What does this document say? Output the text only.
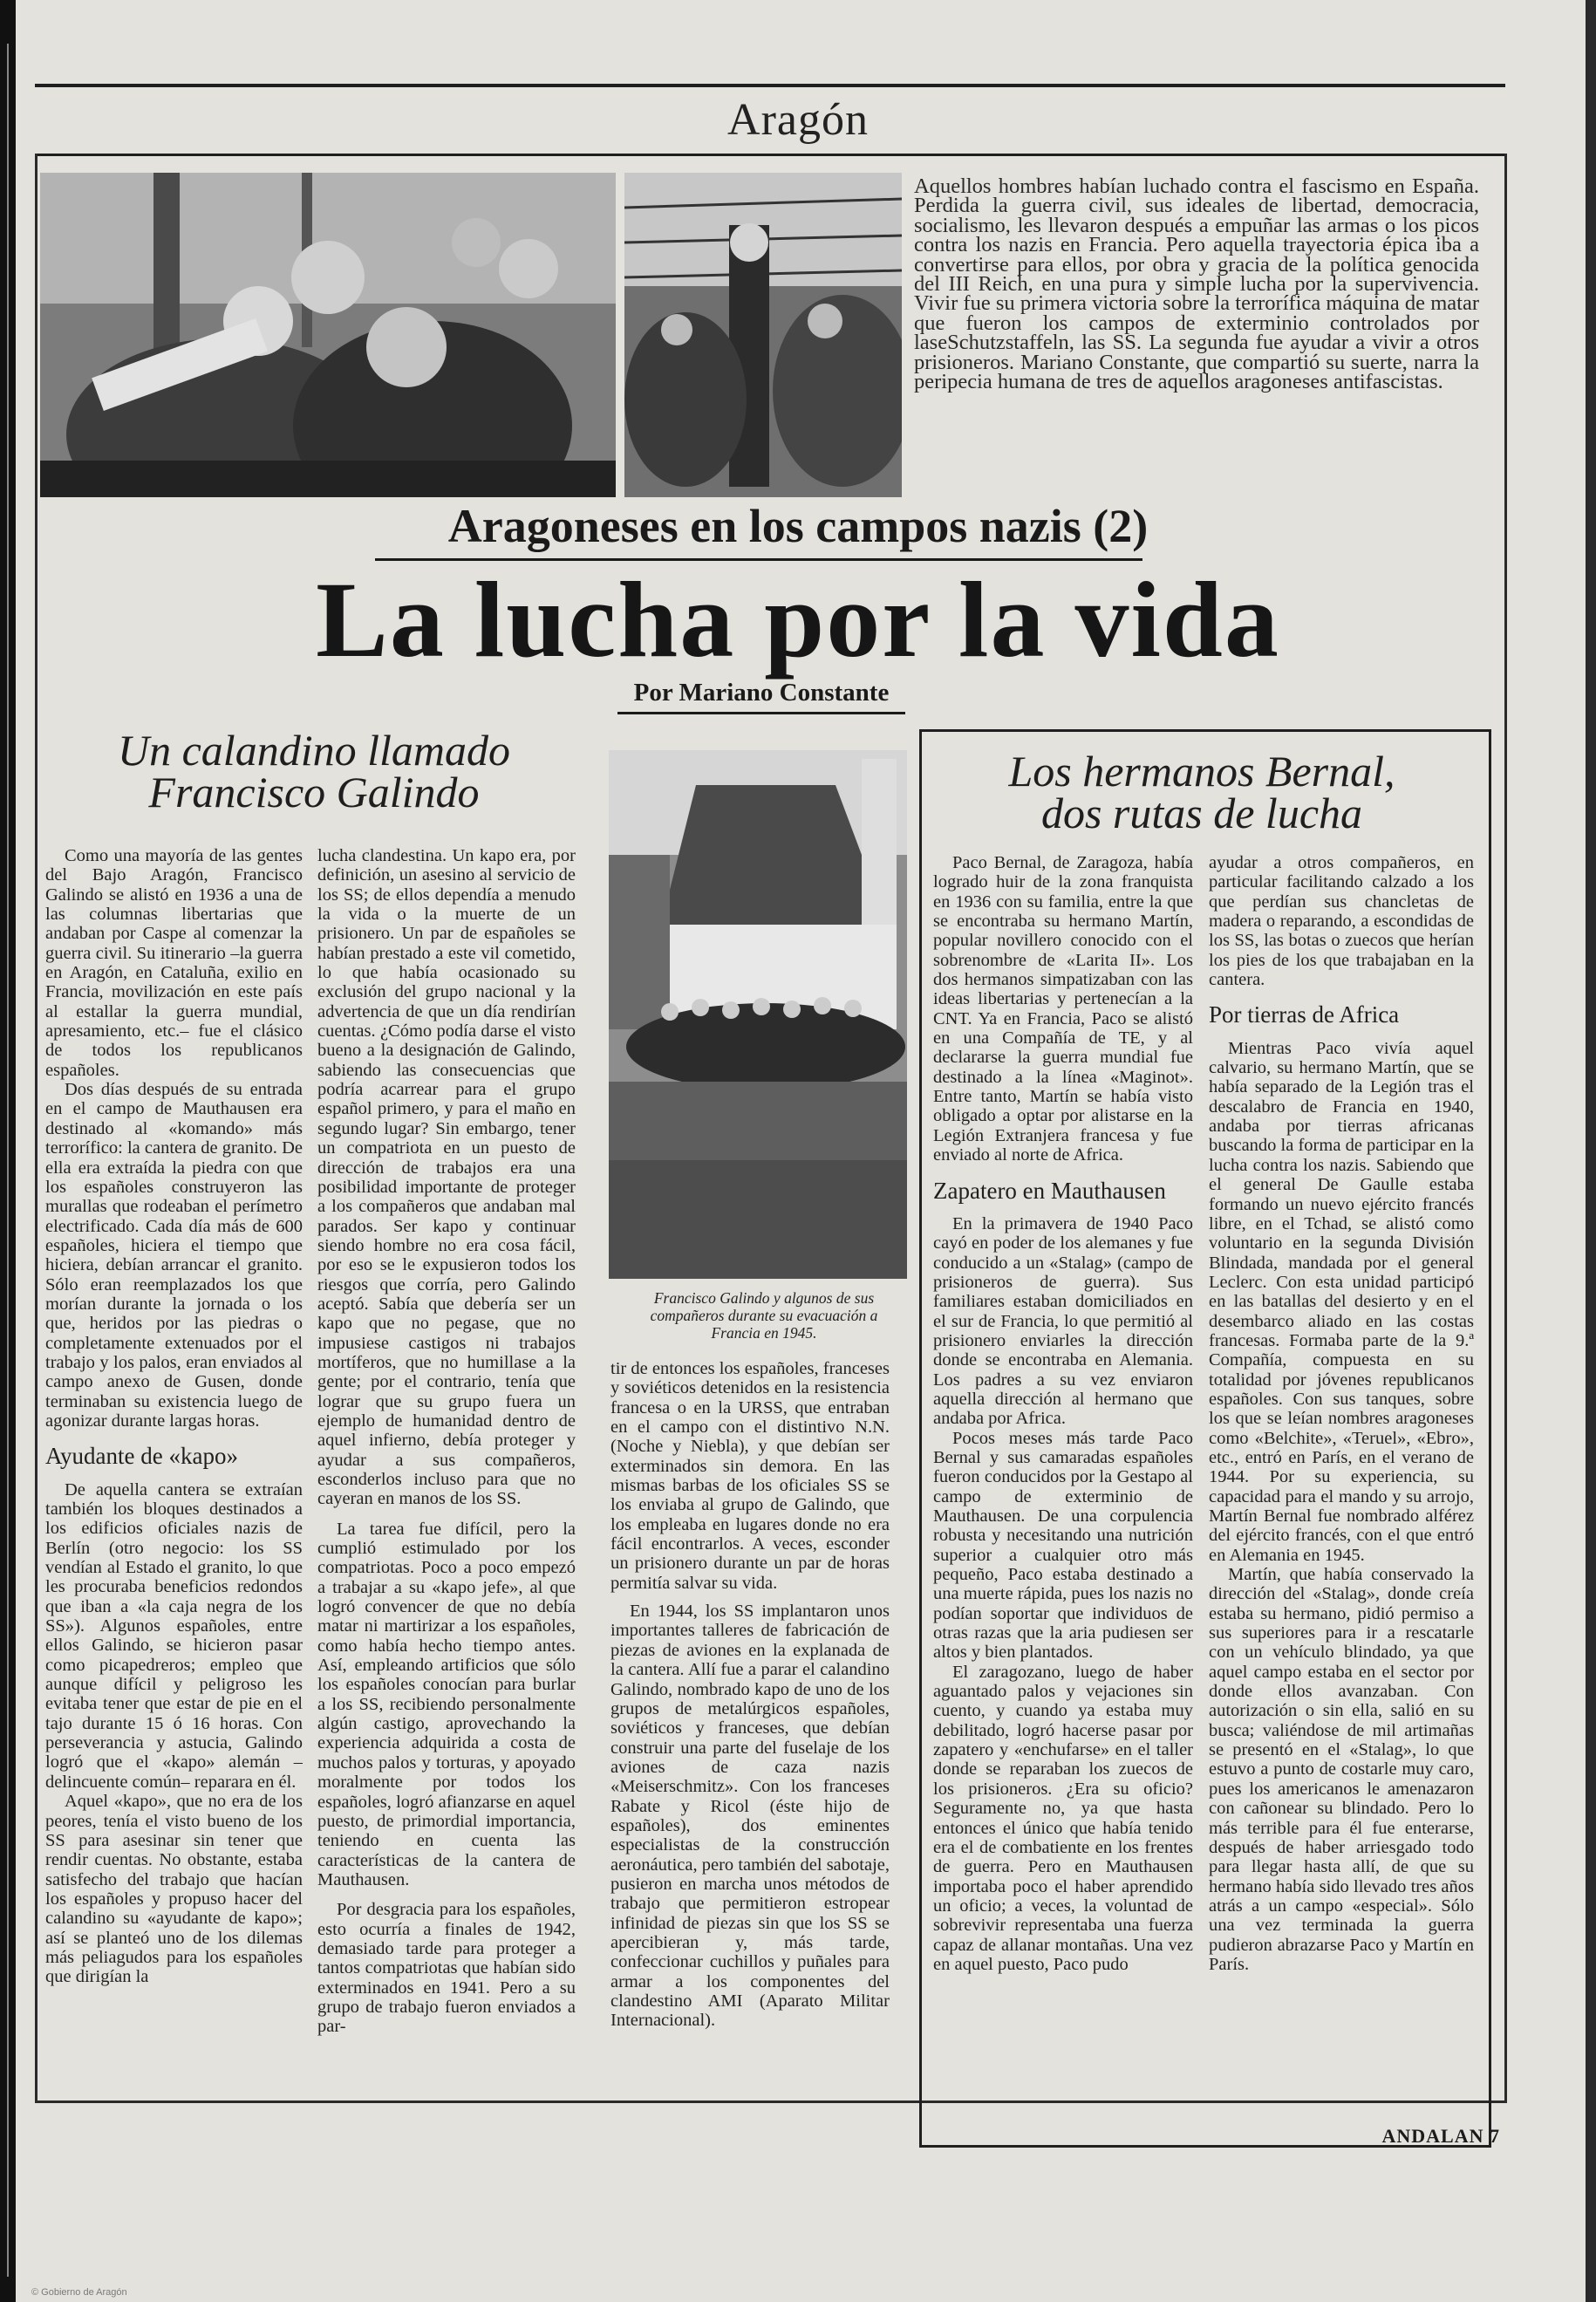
Aragón
Aquellos hombres habían luchado contra el fascismo en España. Perdida la guerra civil, sus ideales de libertad, democracia, socialismo, les llevaron después a empuñar las armas o los picos contra los nazis en Francia. Pero aquella trayectoria épica iba a convertirse para ellos, por obra y gracia de la política genocida del III Reich, en una pura y simple lucha por la supervivencia. Vivir fue su primera victoria sobre la terrorífica máquina de matar que fueron los campos de exterminio controlados por laseSchutzstaffeln, las SS. La segunda fue ayudar a vivir a otros prisioneros. Mariano Constante, que compartió su suerte, narra la peripecia humana de tres de aquellos aragoneses antifascistas.
Aragoneses en los campos nazis (2)
La lucha por la vida
Por Mariano Constante
Un calandino llamado
Francisco Galindo

Como una mayoría de las gentes del Bajo Aragón, Francisco Galindo se alistó en 1936 a una de las columnas libertarias que andaban por Caspe al comenzar la guerra civil. Su itinerario –la guerra en Aragón, en Cataluña, exilio en Francia, movilización en este país al estallar la guerra mundial, apresamiento, etc.– fue el clásico de todos los republicanos españoles.

Dos días después de su entrada en el campo de Mauthausen era destinado al «komando» más terrorífico: la cantera de granito. De ella era extraída la piedra con que los españoles construyeron las murallas que rodeaban el perímetro electrificado. Cada día más de 600 españoles, hiciera el tiempo que hiciera, debían arrancar el granito. Sólo eran reemplazados los que morían durante la jornada o los que, heridos por las piedras o completamente extenuados por el trabajo y los palos, eran enviados al campo anexo de Gusen, donde terminaban su existencia luego de agonizar durante largas horas.

Ayudante de «kapo»

De aquella cantera se extraían también los bloques destinados a los edificios oficiales nazis de Berlín (otro negocio: los SS vendían al Estado el granito, lo que les procuraba beneficios redondos que iban a «la caja negra de los SS»). Algunos españoles, entre ellos Galindo, se hicieron pasar como picapedreros; empleo que aunque difícil y peligroso les evitaba tener que estar de pie en el tajo durante 15 ó 16 horas. Con perseverancia y astucia, Galindo logró que el «kapo» alemán –delincuente común– reparara en él.

Aquel «kapo», que no era de los peores, tenía el visto bueno de los SS para asesinar sin tener que rendir cuentas. No obstante, estaba satisfecho del trabajo que hacían los españoles y propuso hacer del calandino su «ayudante de kapo»; así se planteó uno de los dilemas más peliagudos para los españoles que dirigían la

lucha clandestina. Un kapo era, por definición, un asesino al servicio de los SS; de ellos dependía a menudo la vida o la muerte de un prisionero. Un par de españoles se habían prestado a este vil cometido, lo que había ocasionado su exclusión del grupo nacional y la advertencia de que un día rendirían cuentas. ¿Cómo podía darse el visto bueno a la designación de Galindo, sabiendo las consecuencias que podría acarrear para el grupo español primero, y para el maño en segundo lugar? Sin embargo, tener un compatriota en un puesto de dirección de trabajos era una posibilidad importante de proteger a los compañeros que andaban mal parados. Ser kapo y continuar siendo hombre no era cosa fácil, por eso se le expusieron todos los riesgos que corría, pero Galindo aceptó. Sabía que debería ser un kapo que no pegase, que no impusiese castigos ni trabajos mortíferos, que no humillase a la gente; por el contrario, tenía que lograr que su grupo fuera un ejemplo de humanidad dentro de aquel infierno, debía proteger y ayudar a sus compañeros, esconderlos incluso para que no cayeran en manos de los SS.

La tarea fue difícil, pero la cumplió estimulado por los compatriotas. Poco a poco empezó a trabajar a su «kapo jefe», al que logró convencer de que no debía matar ni martirizar a los españoles, como había hecho tiempo antes. Así, empleando artificios que sólo los españoles conocían para burlar a los SS, recibiendo personalmente algún castigo, aprovechando la experiencia adquirida a costa de muchos palos y torturas, y apoyado moralmente por todos los españoles, logró afianzarse en aquel puesto, de primordial importancia, teniendo en cuenta las características de la cantera de Mauthausen.

Por desgracia para los españoles, esto ocurría a finales de 1942, demasiado tarde para proteger a tantos compatriotas que habían sido exterminados en 1941. Pero a su grupo de trabajo fueron enviados a par-

Francisco Galindo y algunos de sus compañeros durante su evacuación a Francia en 1945.

tir de entonces los españoles, franceses y soviéticos detenidos en la resistencia francesa o en la URSS, que entraban en el campo con el distintivo N.N. (Noche y Niebla), y que debían ser exterminados sin demora. En las mismas barbas de los oficiales SS se los enviaba al grupo de Galindo, que los empleaba en lugares donde no era fácil encontrarlos. A veces, esconder un prisionero durante un par de horas permitía salvar su vida.

En 1944, los SS implantaron unos importantes talleres de fabricación de piezas de aviones en la explanada de la cantera. Allí fue a parar el calandino Galindo, nombrado kapo de uno de los grupos de metalúrgicos españoles, soviéticos y franceses, que debían construir una parte del fuselaje de los aviones de caza nazis «Meiserschmitz». Con los franceses Rabate y Ricol (éste hijo de españoles), dos eminentes especialistas de la construcción aeronáutica, pero también del sabotaje, pusieron en marcha unos métodos de trabajo que permitieron estropear infinidad de piezas sin que los SS se apercibieran y, más tarde, confeccionar cuchillos y puñales para armar a los componentes del clandestino AMI (Aparato Militar Internacional).

Los hermanos Bernal,
dos rutas de lucha

Paco Bernal, de Zaragoza, había logrado huir de la zona franquista en 1936 con su familia, entre la que se encontraba su hermano Martín, popular novillero conocido con el sobrenombre de «Larita II». Los dos hermanos simpatizaban con las ideas libertarias y pertenecían a la CNT. Ya en Francia, Paco se alistó en una Compañía de TE, y al declararse la guerra mundial fue destinado a la línea «Maginot». Entre tanto, Martín se había visto obligado a optar por alistarse en la Legión Extranjera francesa y fue enviado al norte de Africa.

Zapatero en Mauthausen

En la primavera de 1940 Paco cayó en poder de los alemanes y fue conducido a un «Stalag» (campo de prisioneros de guerra). Sus familiares estaban domiciliados en el sur de Francia, lo que permitió al prisionero enviarles la dirección donde se encontraba en Alemania. Los padres a su vez enviaron aquella dirección al hermano que andaba por Africa.

Pocos meses más tarde Paco Bernal y sus camaradas españoles fueron conducidos por la Gestapo al campo de exterminio de Mauthausen. De una corpulencia robusta y necesitando una nutrición superior a cualquier otro más pequeño, Paco estaba destinado a una muerte rápida, pues los nazis no podían soportar que individuos de otras razas que la aria pudiesen ser altos y bien plantados.

El zaragozano, luego de haber aguantado palos y vejaciones sin cuento, y cuando ya estaba muy debilitado, logró hacerse pasar por zapatero y «enchufarse» en el taller donde se reparaban los zuecos de los prisioneros. ¿Era su oficio? Seguramente no, ya que hasta entonces el único que había tenido era el de combatiente en los frentes de guerra. Pero en Mauthausen importaba poco el haber aprendido un oficio; a veces, la voluntad de sobrevivir representaba una fuerza capaz de allanar montañas. Una vez en aquel puesto, Paco pudo

ayudar a otros compañeros, en particular facilitando calzado a los que perdían sus chancletas de madera o reparando, a escondidas de los SS, las botas o zuecos que herían los pies de los que trabajaban en la cantera.

Por tierras de Africa

Mientras Paco vivía aquel calvario, su hermano Martín, que se había separado de la Legión tras el descalabro de Francia en 1940, andaba por tierras africanas buscando la forma de participar en la lucha contra los nazis. Sabiendo que el general De Gaulle estaba formando un nuevo ejército francés libre, en el Tchad, se alistó como voluntario en la segunda División Blindada, mandada por el general Leclerc. Con esta unidad participó en las batallas del desierto y en el desembarco aliado en las costas francesas. Formaba parte de la 9.ª Compañía, compuesta en su totalidad por jóvenes republicanos españoles. Con sus tanques, sobre los que se leían nombres aragoneses como «Belchite», «Teruel», «Ebro», etc., entró en París, en el verano de 1944. Por su experiencia, su capacidad para el mando y su arrojo, Martín Bernal fue nombrado alférez del ejército francés, con el que entró en Alemania en 1945.

Martín, que había conservado la dirección del «Stalag», donde creía estaba su hermano, pidió permiso a sus superiores para ir a rescatarle con un vehículo blindado, ya que aquel campo estaba en el sector por donde ellos avanzaban. Con autorización o sin ella, salió en su busca; valiéndose de mil artimañas se presentó en el «Stalag», lo que estuvo a punto de costarle muy caro, pues los americanos le amenazaron con cañonear su blindado. Pero lo más terrible para él fue enterarse, después de haber arriesgado todo para llegar hasta allí, de que su hermano había sido llevado tres años atrás a un campo «especial». Sólo una vez terminada la guerra pudieron abrazarse Paco y Martín en París.

ANDALAN 7
© Gobierno de Aragón
